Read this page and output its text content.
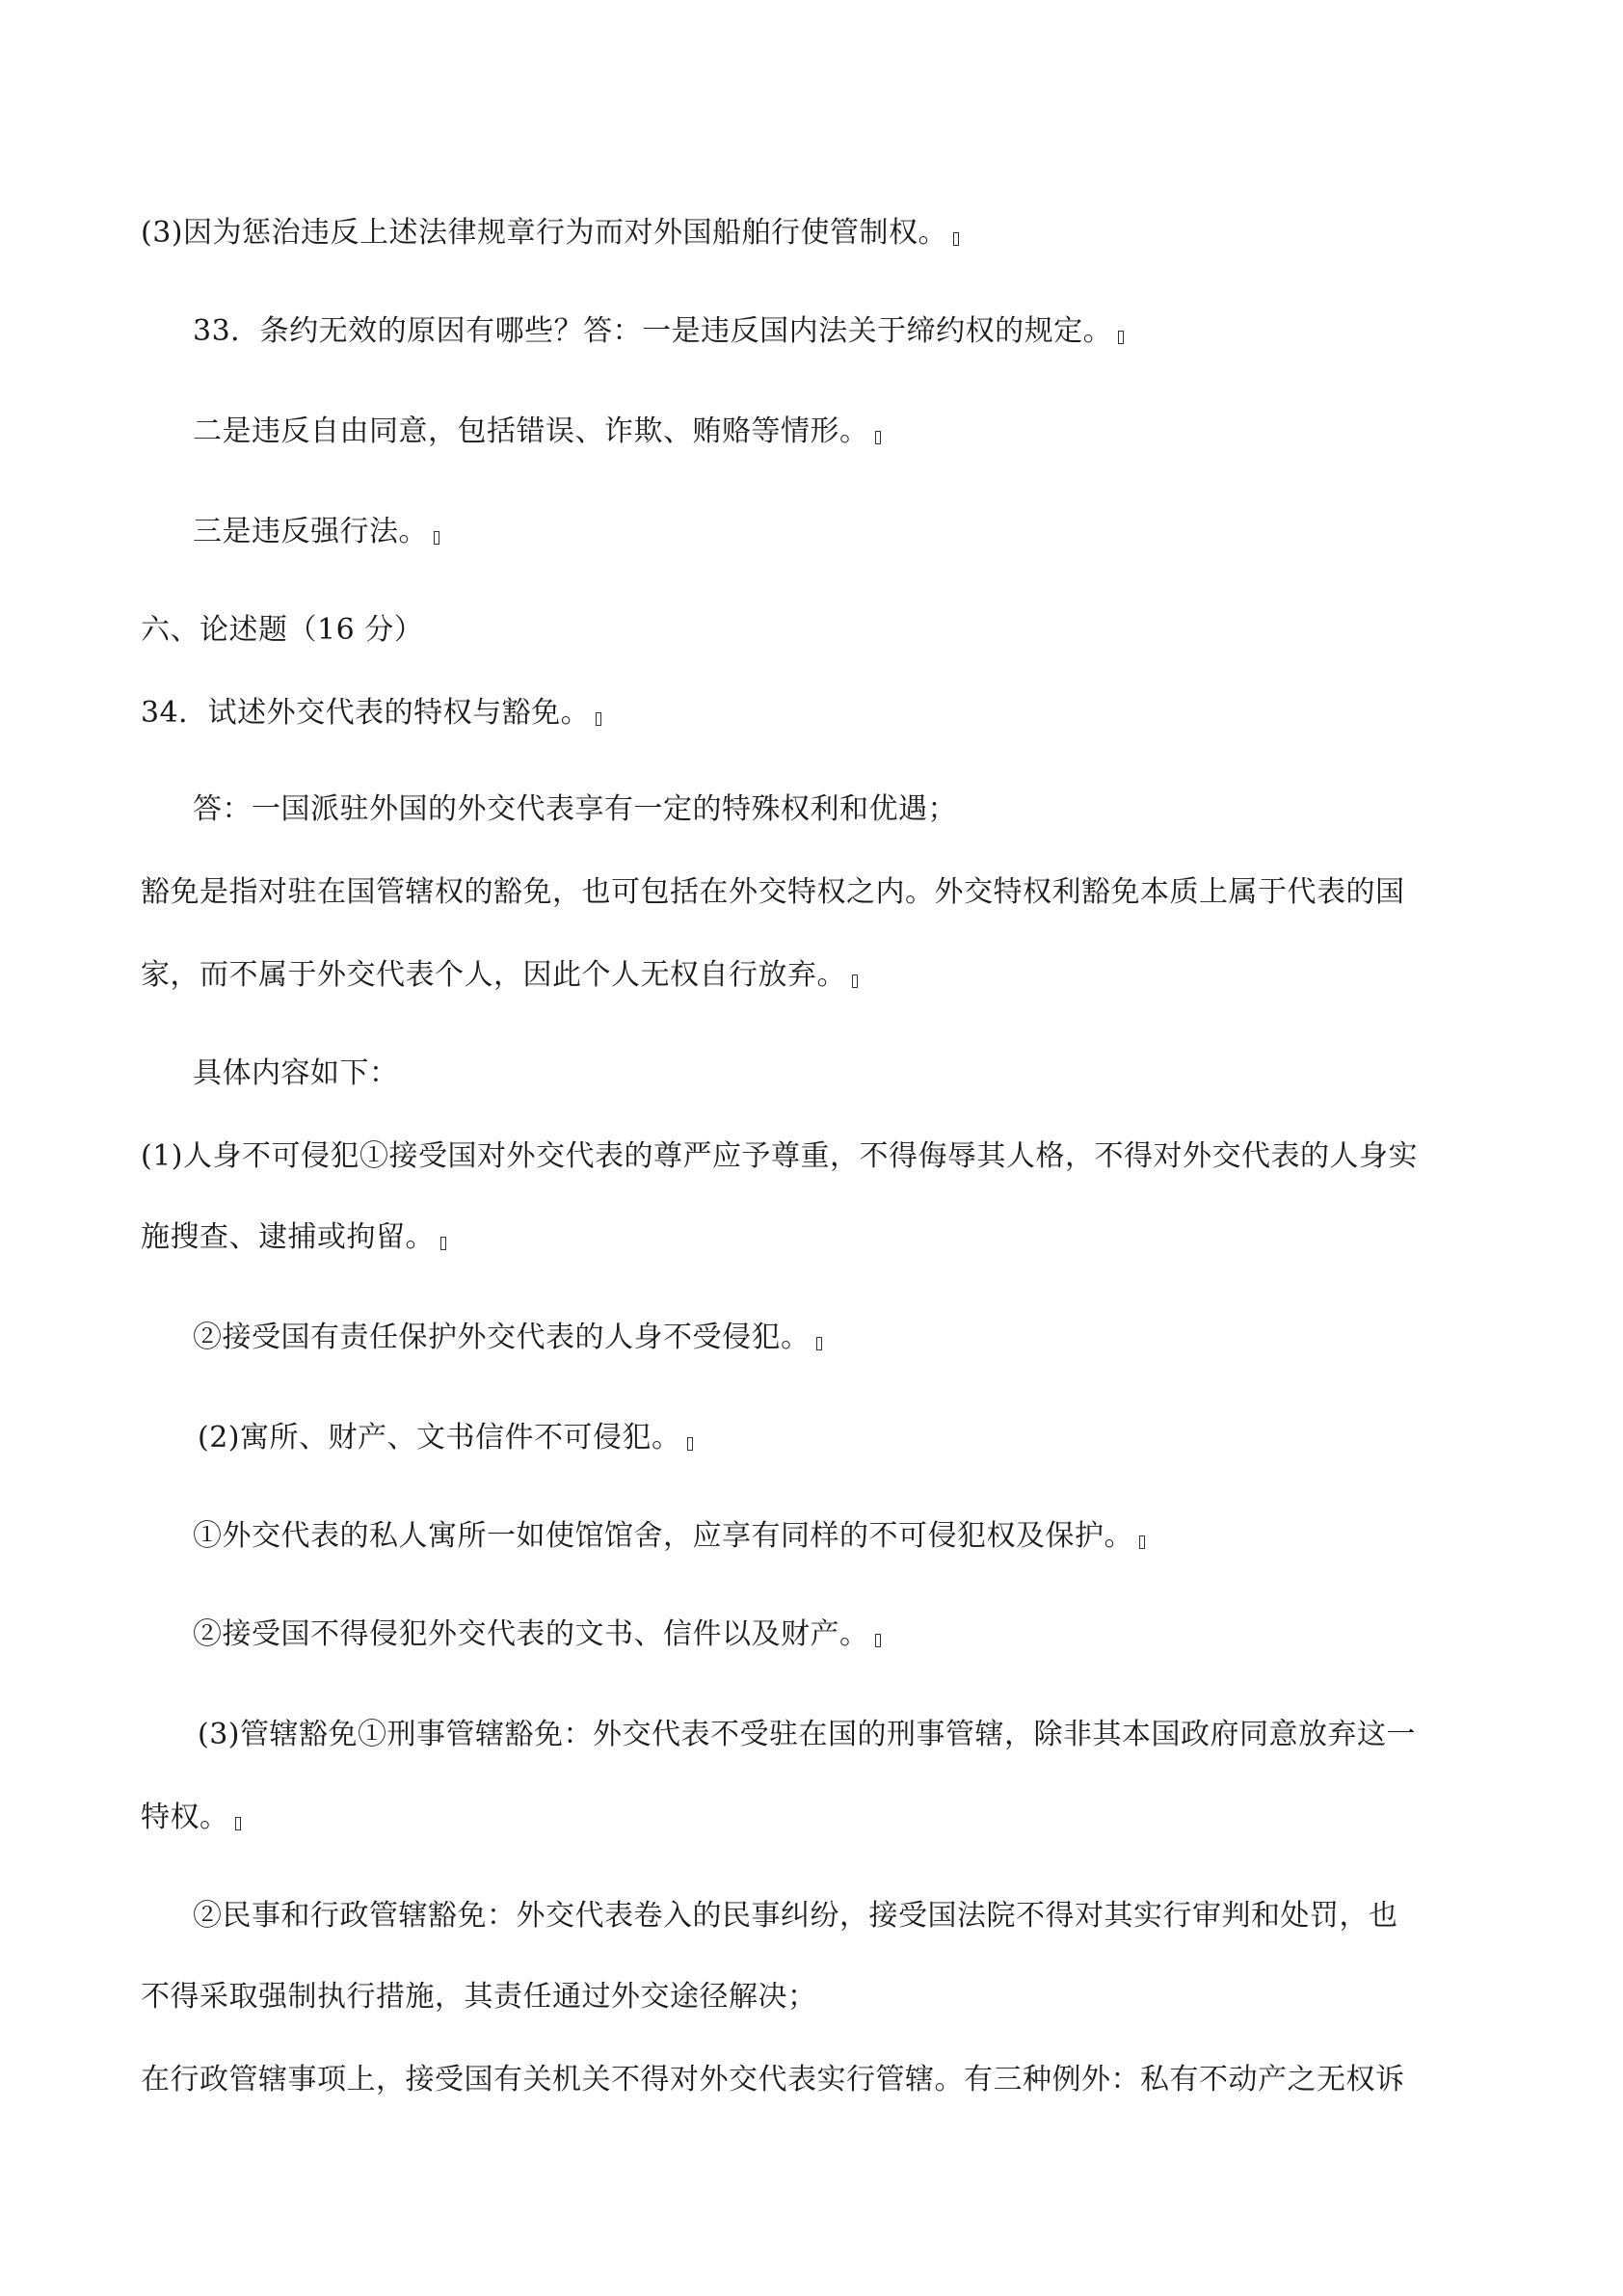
(3)因为惩治违反上述法律规章行为而对外国船舶行使管制权。
33．条约无效的原因有哪些？答：一是违反国内法关于缔约权的规定。
二是违反自由同意，包括错误、诈欺、贿赂等情形。
三是违反强行法。
六、论述题（16 分）
34．试述外交代表的特权与豁免。
答：一国派驻外国的外交代表享有一定的特殊权利和优遇；
豁免是指对驻在国管辖权的豁免，也可包括在外交特权之内。外交特权利豁免本质上属于代表的国
家，而不属于外交代表个人，因此个人无权自行放弃。
具体内容如下：
(1)人身不可侵犯①接受国对外交代表的尊严应予尊重，不得侮辱其人格，不得对外交代表的人身实
施搜查、逮捕或拘留。
②接受国有责任保护外交代表的人身不受侵犯。
(2)寓所、财产、文书信件不可侵犯。
①外交代表的私人寓所一如使馆馆舍，应享有同样的不可侵犯权及保护。
②接受国不得侵犯外交代表的文书、信件以及财产。
(3)管辖豁免①刑事管辖豁免：外交代表不受驻在国的刑事管辖，除非其本国政府同意放弃这一
特权。
②民事和行政管辖豁免：外交代表卷入的民事纠纷，接受国法院不得对其实行审判和处罚，也
不得采取强制执行措施，其责任通过外交途径解决；
在行政管辖事项上，接受国有关机关不得对外交代表实行管辖。有三种例外：私有不动产之无权诉
